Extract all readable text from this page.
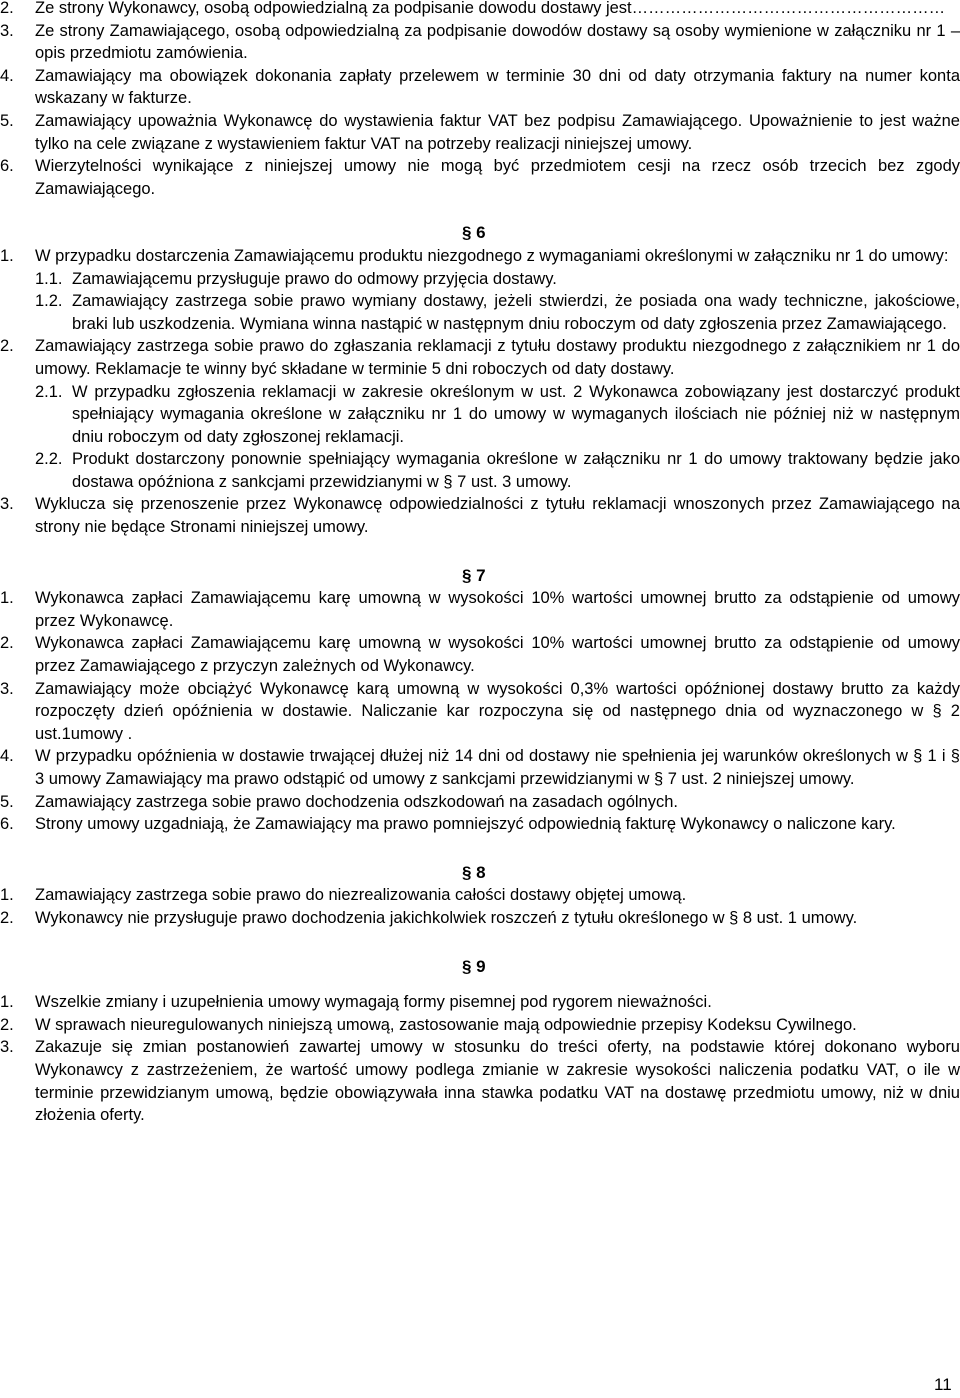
2. Ze strony Wykonawcy, osobą odpowiedzialną za podpisanie dowodu dostawy jest…………………………………………………
3. Ze strony Zamawiającego, osobą odpowiedzialną za podpisanie dowodów dostawy są osoby wymienione w załączniku nr 1 – opis przedmiotu zamówienia.
4. Zamawiający ma obowiązek dokonania zapłaty przelewem w terminie 30 dni od daty otrzymania faktury na numer konta wskazany w fakturze.
5. Zamawiający upoważnia Wykonawcę do wystawienia faktur VAT bez podpisu Zamawiającego. Upoważnienie to jest ważne tylko na cele związane z wystawieniem faktur VAT na potrzeby realizacji niniejszej umowy.
6. Wierzytelności wynikające z niniejszej umowy nie mogą być przedmiotem cesji na rzecz osób trzecich bez zgody Zamawiającego.
§ 6
1. W przypadku dostarczenia Zamawiającemu produktu niezgodnego z wymaganiami określonymi w załączniku nr 1 do umowy:
1.1. Zamawiającemu przysługuje prawo do odmowy przyjęcia dostawy.
1.2. Zamawiający zastrzega sobie prawo wymiany dostawy, jeżeli stwierdzi, że posiada ona wady techniczne, jakościowe, braki lub uszkodzenia. Wymiana winna nastąpić w następnym dniu roboczym od daty zgłoszenia przez Zamawiającego.
2. Zamawiający zastrzega sobie prawo do zgłaszania reklamacji z tytułu dostawy produktu niezgodnego z załącznikiem nr 1 do umowy. Reklamacje te winny być składane w terminie 5 dni roboczych od daty dostawy.
2.1. W przypadku zgłoszenia reklamacji w zakresie określonym w ust. 2 Wykonawca zobowiązany jest dostarczyć produkt spełniający wymagania określone w załączniku nr 1 do umowy w wymaganych ilościach nie później niż w następnym dniu roboczym od daty zgłoszonej reklamacji.
2.2. Produkt dostarczony ponownie spełniający wymagania określone w załączniku nr 1 do umowy traktowany będzie jako dostawa opóźniona z sankcjami przewidzianymi w § 7 ust. 3 umowy.
3. Wyklucza się przenoszenie przez Wykonawcę odpowiedzialności z tytułu reklamacji wnoszonych przez Zamawiającego na strony nie będące Stronami niniejszej umowy.
§ 7
1. Wykonawca zapłaci Zamawiającemu karę umowną w wysokości 10% wartości umownej brutto za odstąpienie od umowy przez Wykonawcę.
2. Wykonawca zapłaci Zamawiającemu karę umowną w wysokości 10% wartości umownej brutto za odstąpienie od umowy przez Zamawiającego z przyczyn zależnych od Wykonawcy.
3. Zamawiający może obciążyć Wykonawcę karą umowną w wysokości 0,3% wartości opóźnionej dostawy brutto za każdy rozpoczęty dzień opóźnienia w dostawie. Naliczanie kar rozpoczyna się od następnego dnia od wyznaczonego w § 2 ust.1umowy .
4. W przypadku opóźnienia w dostawie trwającej dłużej niż 14 dni od dostawy nie spełnienia jej warunków określonych w § 1 i § 3 umowy Zamawiający ma prawo odstąpić od umowy z sankcjami przewidzianymi w § 7 ust. 2 niniejszej umowy.
5. Zamawiający zastrzega sobie prawo dochodzenia odszkodowań na zasadach ogólnych.
6. Strony umowy uzgadniają, że Zamawiający ma prawo pomniejszyć odpowiednią fakturę Wykonawcy o naliczone kary.
§ 8
1. Zamawiający zastrzega sobie prawo do niezrealizowania całości dostawy objętej umową.
2. Wykonawcy nie przysługuje prawo dochodzenia jakichkolwiek roszczeń z tytułu określonego w § 8 ust. 1 umowy.
§ 9
1. Wszelkie zmiany i uzupełnienia umowy wymagają formy pisemnej pod rygorem nieważności.
2. W sprawach nieuregulowanych niniejszą umową, zastosowanie mają odpowiednie przepisy Kodeksu Cywilnego.
3. Zakazuje się zmian postanowień zawartej umowy w stosunku do treści oferty, na podstawie której dokonano wyboru Wykonawcy z zastrzeżeniem, że wartość umowy podlega zmianie w zakresie wysokości naliczenia podatku VAT, o ile w terminie przewidzianym umową, będzie obowiązywała inna stawka podatku VAT na dostawę przedmiotu umowy, niż w dniu złożenia oferty.
11
